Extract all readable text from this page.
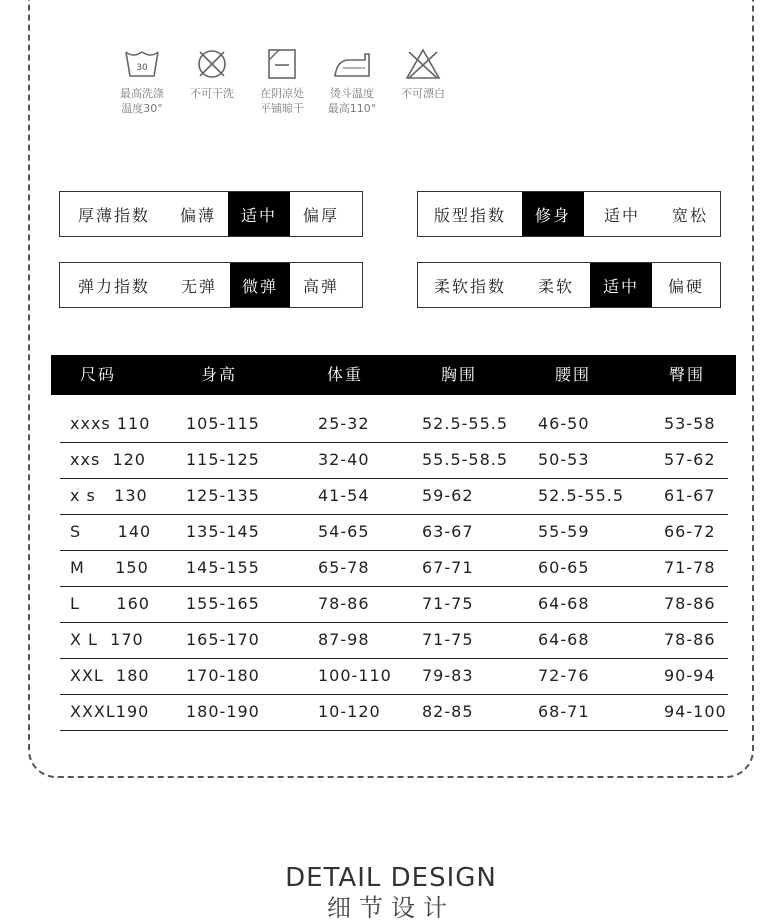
30
最高洗涤
温度30°
不可干洗	在阴凉处
平铺晾干
烫斗温度
最高110°
不可漂白
厚薄指数	偏薄	适中	偏厚	版型指数	修身	适中	宽松
弹力指数	无弹	微弹	高弹	柔软指数	柔软	适中	偏硬
尺码	身高	体重	胸围	腰围	臀围
xxxs 110 105-115	25-32	52.5-55.5 46-50	53-58
xxs  120	115-125	32-40	55.5-58.5 50-53	57-62
x s   130 125-135	41-54	59-62	52.5-55.5 61-67
S      140 135-145	54-65	63-67	55-59	66-72
M     150 145-155	65-78	67-71	60-65	71-78
L      160 155-165	78-86	71-75	64-68	78-86
X L  170	165-170	87-98	71-75	64-68	78-86
XXL  180 170-180	100-110 79-83	72-76	90-94
XXXL190 180-190	10-120	82-85	68-71	94-100
DETAIL DESIGN
细节设计
